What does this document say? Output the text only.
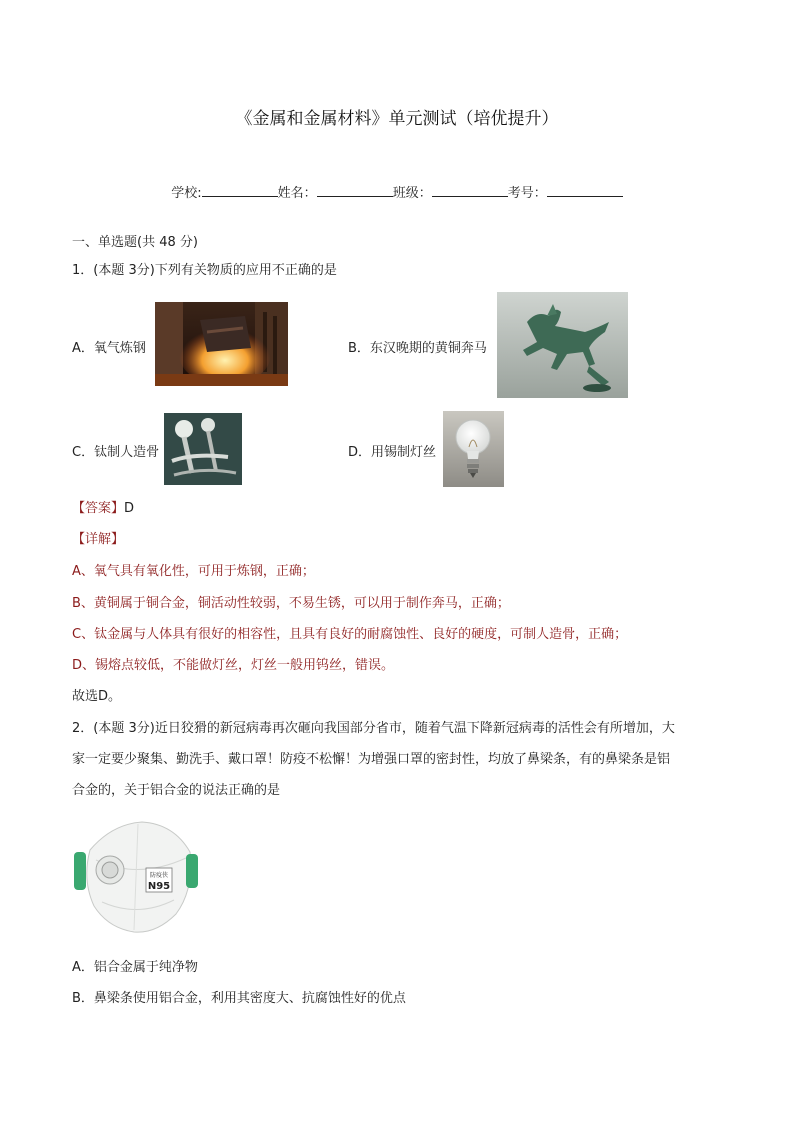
《金属和金属材料》单元测试（培优提升）
学校:	姓名：	班级：	考号：
一、单选题(共 48 分)
1．(本题 3分)下列有关物质的应用不正确的是
A．氧气炼钢	B．东汉晚期的黄铜奔马
C．钛制人造骨	D．用锡制灯丝
【答案】D
【详解】
A、氧气具有氧化性，可用于炼钢，正确；
B、黄铜属于铜合金，铜活动性较弱，不易生锈，可以用于制作奔马，正确；
C、钛金属与人体具有很好的相容性，且具有良好的耐腐蚀性、良好的硬度，可制人造骨，正确；
D、锡熔点较低，不能做灯丝，灯丝一般用钨丝，错误。
故选D。
2．(本题 3分)近日狡猾的新冠病毒再次砸向我国部分省市，随着气温下降新冠病毒的活性会有所增加，大
家一定要少聚集、勤洗手、戴口罩！防疫不松懈！为增强口罩的密封性，均放了鼻梁条，有的鼻梁条是铝
合金的，关于铝合金的说法正确的是
防疫侠
N95
A．铝合金属于纯净物
B．鼻梁条使用铝合金，利用其密度大、抗腐蚀性好的优点
